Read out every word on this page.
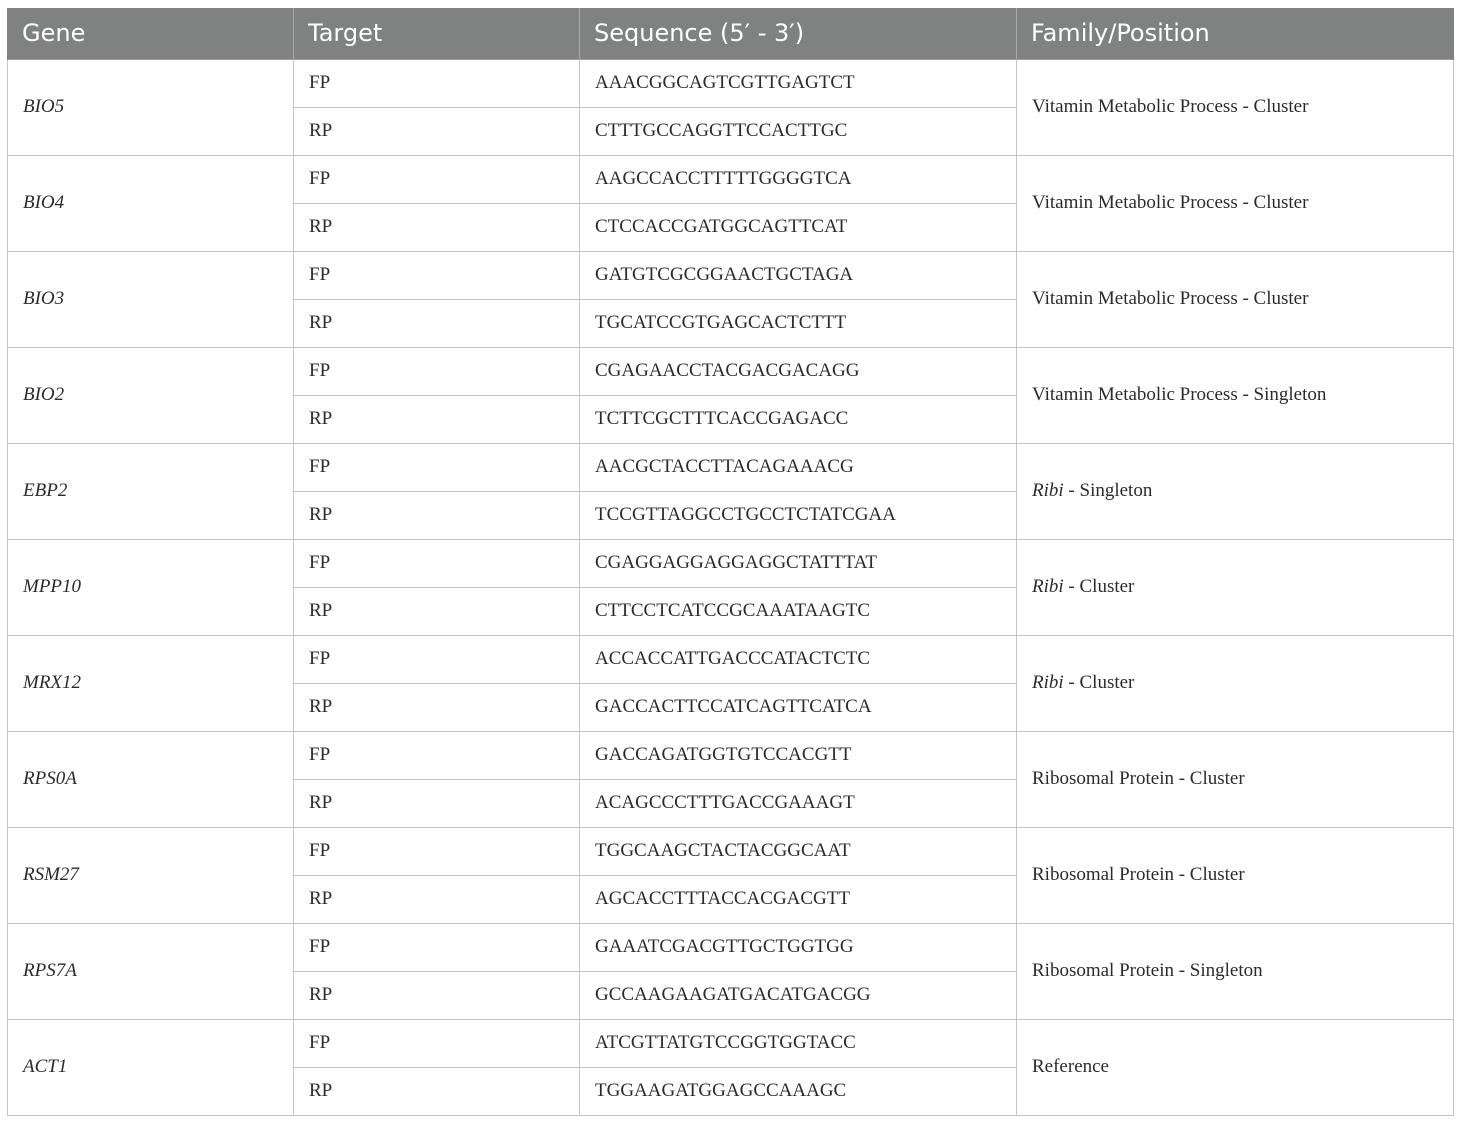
Gene	Target	Sequence (5′ - 3′)	Family/Position
BIO5	FP	AAACGGCAGTCGTTGAGTCT	Vitamin Metabolic Process - Cluster
	RP	CTTTGCCAGGTTCCACTTGC	
BIO4	FP	AAGCCACCTTTTTGGGGTCA	Vitamin Metabolic Process - Cluster
	RP	CTCCACCGATGGCAGTTCAT	
BIO3	FP	GATGTCGCGGAACTGCTAGA	Vitamin Metabolic Process - Cluster
	RP	TGCATCCGTGAGCACTCTTT	
BIO2	FP	CGAGAACCTACGACGACAGG	Vitamin Metabolic Process - Singleton
	RP	TCTTCGCTTTCACCGAGACC	
EBP2	FP	AACGCTACCTTACAGAAACG	Ribi - Singleton
	RP	TCCGTTAGGCCTGCCTCTATCGAA	
MPP10	FP	CGAGGAGGAGGAGGCTATTTAT	Ribi - Cluster
	RP	CTTCCTCATCCGCAAATAAGTC	
MRX12	FP	ACCACCATTGACCCATACTCTC	Ribi - Cluster
	RP	GACCACTTCCATCAGTTCATCA	
RPS0A	FP	GACCAGATGGTGTCCACGTT	Ribosomal Protein - Cluster
	RP	ACAGCCCTTTGACCGAAAGT	
RSM27	FP	TGGCAAGCTACTACGGCAAT	Ribosomal Protein - Cluster
	RP	AGCACCTTTACCACGACGTT	
RPS7A	FP	GAAATCGACGTTGCTGGTGG	Ribosomal Protein - Singleton
	RP	GCCAAGAAGATGACATGACGG	
ACT1	FP	ATCGTTATGTCCGGTGGTACC	Reference
	RP	TGGAAGATGGAGCCAAAGC	
